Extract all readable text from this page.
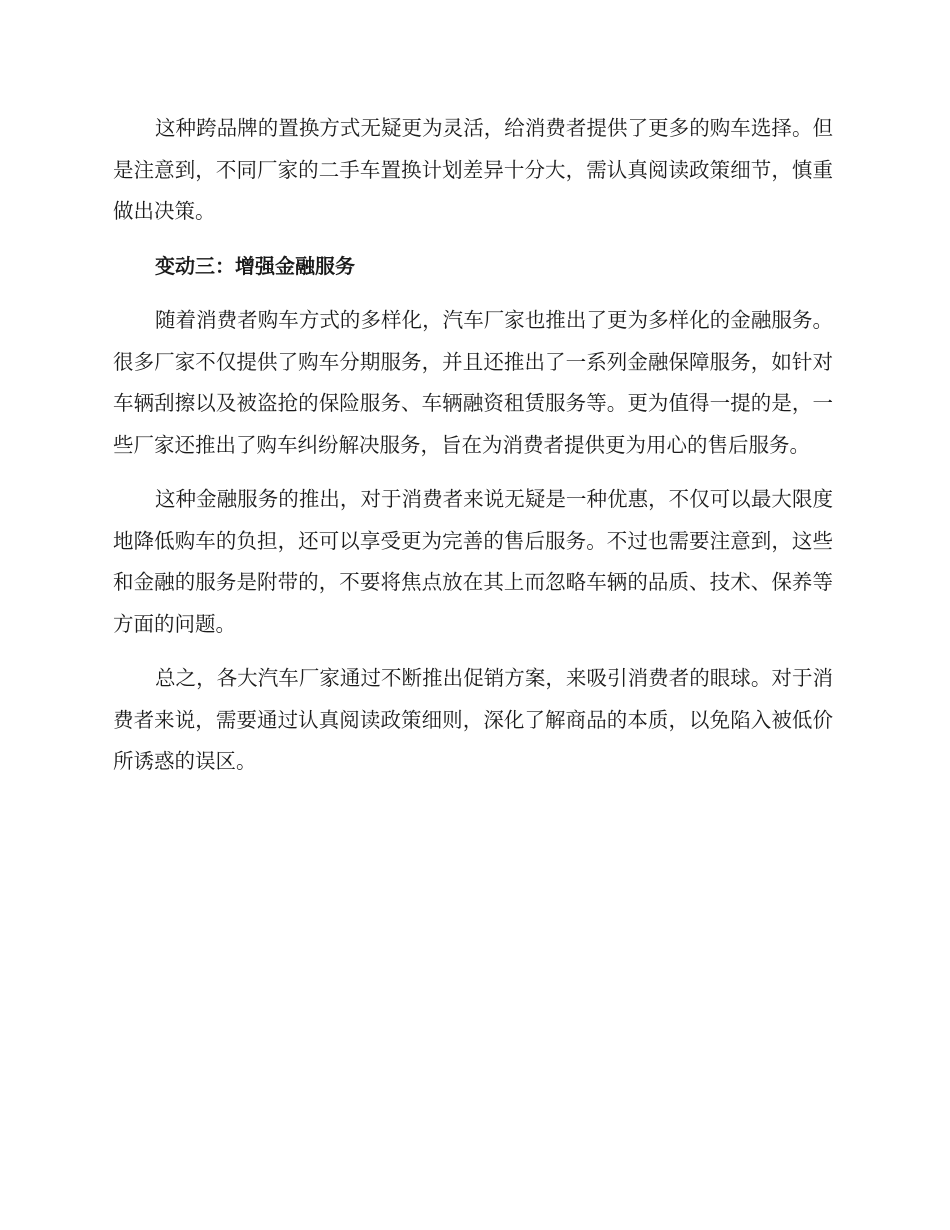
这种跨品牌的置换方式无疑更为灵活，给消费者提供了更多的购车选择。但是注意到，不同厂家的二手车置换计划差异十分大，需认真阅读政策细节，慎重做出决策。

变动三：增强金融服务

随着消费者购车方式的多样化，汽车厂家也推出了更为多样化的金融服务。很多厂家不仅提供了购车分期服务，并且还推出了一系列金融保障服务，如针对车辆刮擦以及被盗抢的保险服务、车辆融资租赁服务等。更为值得一提的是，一些厂家还推出了购车纠纷解决服务，旨在为消费者提供更为用心的售后服务。

这种金融服务的推出，对于消费者来说无疑是一种优惠，不仅可以最大限度地降低购车的负担，还可以享受更为完善的售后服务。不过也需要注意到，这些和金融的服务是附带的，不要将焦点放在其上而忽略车辆的品质、技术、保养等方面的问题。

总之，各大汽车厂家通过不断推出促销方案，来吸引消费者的眼球。对于消费者来说，需要通过认真阅读政策细则，深化了解商品的本质，以免陷入被低价所诱惑的误区。
